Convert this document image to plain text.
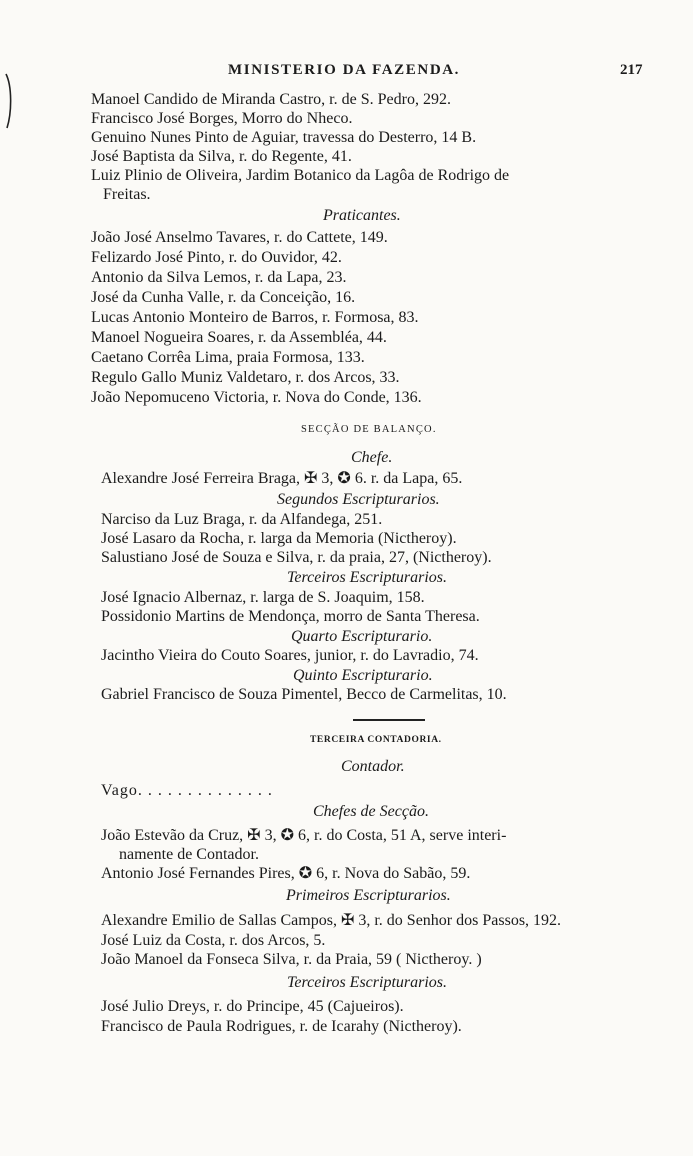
MINISTERIO DA FAZENDA.	217
Manoel Candido de Miranda Castro, r. de S. Pedro, 292.
Francisco José Borges, Morro do Nheco.
Genuino Nunes Pinto de Aguiar, travessa do Desterro, 14 B.
José Baptista da Silva, r. do Regente, 41.
Luiz Plinio de Oliveira, Jardim Botanico da Lagôa de Rodrigo de
Freitas.
Praticantes.
João José Anselmo Tavares, r. do Cattete, 149.
Felizardo José Pinto, r. do Ouvidor, 42.
Antonio da Silva Lemos, r. da Lapa, 23.
José da Cunha Valle, r. da Conceição, 16.
Lucas Antonio Monteiro de Barros, r. Formosa, 83.
Manoel Nogueira Soares, r. da Assembléa, 44.
Caetano Corrêa Lima, praia Formosa, 133.
Regulo Gallo Muniz Valdetaro, r. dos Arcos, 33.
João Nepomuceno Victoria, r. Nova do Conde, 136.
SECÇÃO DE BALANÇO.
Chefe.
Alexandre José Ferreira Braga, ✠ 3, ✪ 6. r. da Lapa, 65.
Segundos Escripturarios.
Narciso da Luz Braga, r. da Alfandega, 251.
José Lasaro da Rocha, r. larga da Memoria (Nictheroy).
Salustiano José de Souza e Silva, r. da praia, 27, (Nictheroy).
Terceiros Escripturarios.
José Ignacio Albernaz, r. larga de S. Joaquim, 158.
Possidonio Martins de Mendonça, morro de Santa Theresa.
Quarto Escripturario.
Jacintho Vieira do Couto Soares, junior, r. do Lavradio, 74.
Quinto Escripturario.
Gabriel Francisco de Souza Pimentel, Becco de Carmelitas, 10.
TERCEIRA CONTADORIA.
Contador.
Vago. . . . . . . . . . . . . .
Chefes de Secção.
João Estevão da Cruz, ✠ 3, ✪ 6, r. do Costa, 51 A, serve interi-
namente de Contador.
Antonio José Fernandes Pires, ✪ 6, r. Nova do Sabão, 59.
Primeiros Escripturarios.
Alexandre Emilio de Sallas Campos, ✠ 3, r. do Senhor dos Passos, 192.
José Luiz da Costa, r. dos Arcos, 5.
João Manoel da Fonseca Silva, r. da Praia, 59 ( Nictheroy. )
Terceiros Escripturarios.
José Julio Dreys, r. do Principe, 45 (Cajueiros).
Francisco de Paula Rodrigues, r. de Icarahy (Nictheroy).
